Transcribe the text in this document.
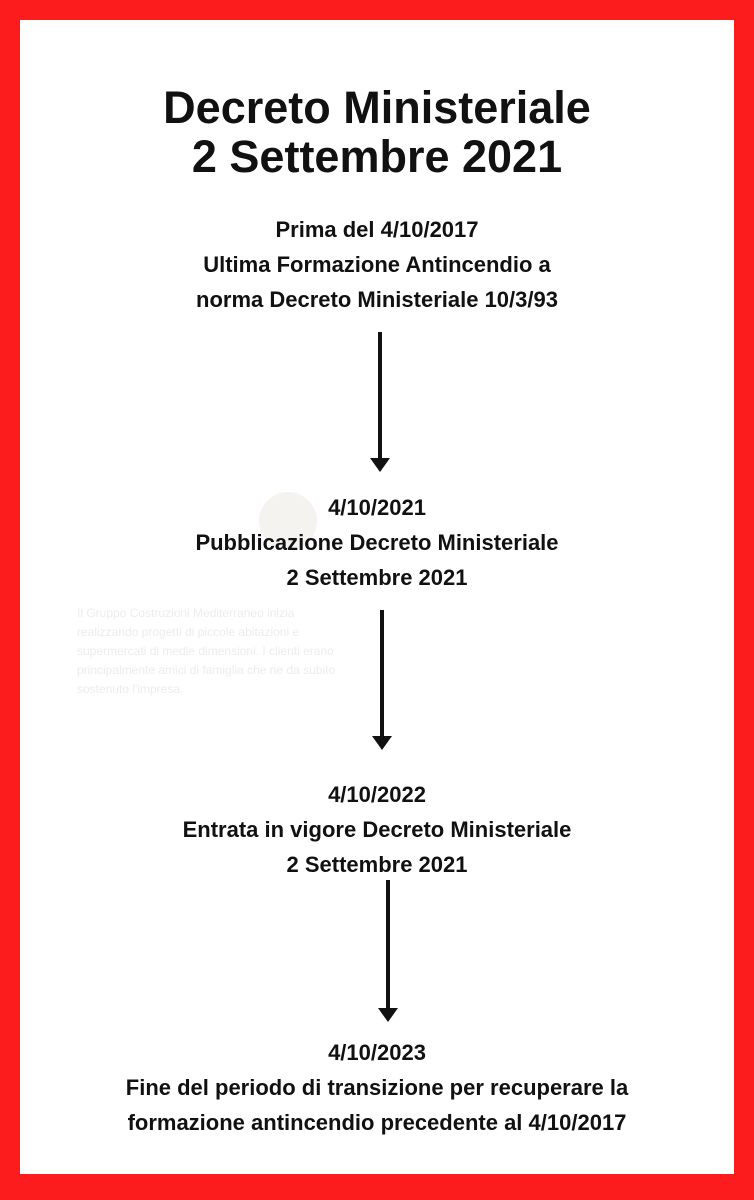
Il Gruppo Costruzioni Mediterraneo inizia realizzando progetti di piccole abitazioni e supermercati di medie dimensioni. I clienti erano principalmente amici di famiglia che ne da subito sostenuto l'impresa.
Decreto Ministeriale
2 Settembre 2021
Prima del 4/10/2017
Ultima Formazione Antincendio a
norma Decreto Ministeriale 10/3/93
4/10/2021
Pubblicazione Decreto Ministeriale
2 Settembre 2021
4/10/2022
Entrata in vigore Decreto Ministeriale
2 Settembre 2021
4/10/2023
Fine del periodo di transizione per recuperare la
formazione antincendio precedente al 4/10/2017
